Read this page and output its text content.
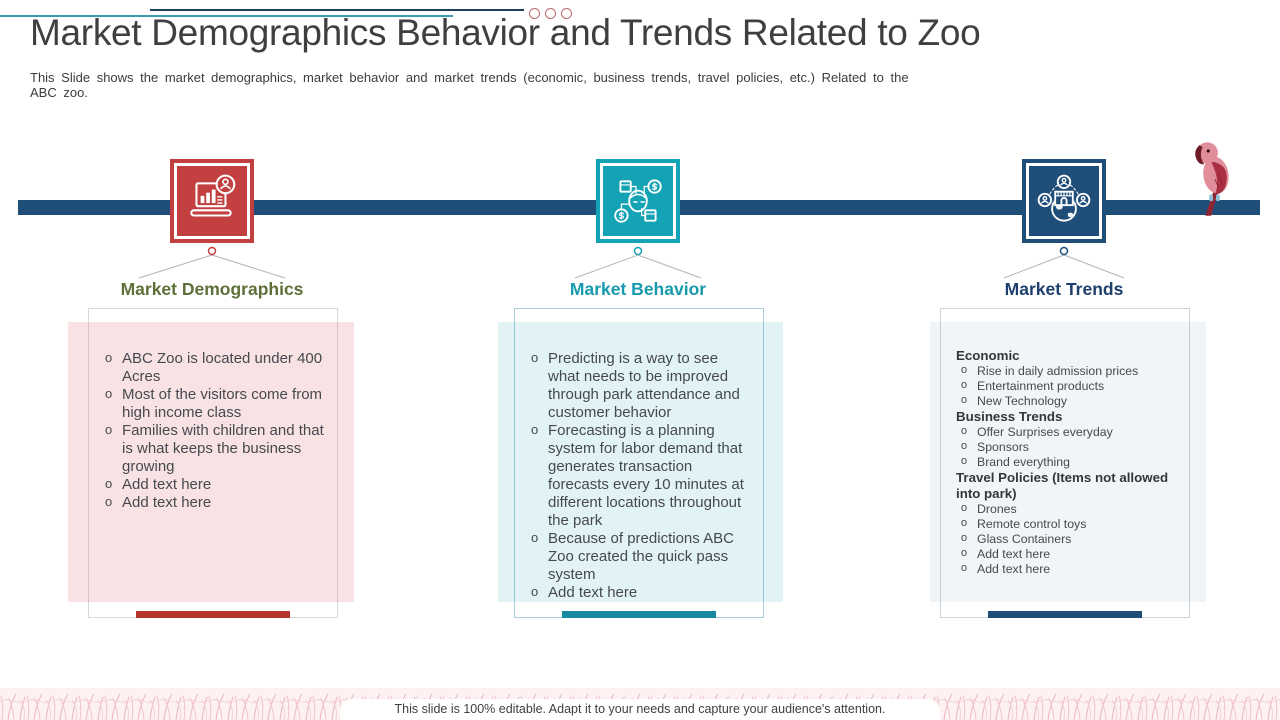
Market Demographics Behavior and Trends Related to Zoo

This Slide shows the market demographics, market behavior and market trends (economic, business trends, travel policies, etc.) Related to the ABC zoo.

Market Demographics
o ABC Zoo is located under 400 Acres
o Most of the visitors come from high income class
o Families with children and that is what keeps the business growing
o Add text here
o Add text here
Market Behavior
o Predicting is a way to see what needs to be improved through park attendance and customer behavior
o Forecasting is a planning system for labor demand that generates transaction forecasts every 10 minutes at different locations throughout the park
o Because of predictions ABC Zoo created the quick pass system
o Add text here
Market Trends
Economic
o Rise in daily admission prices
o Entertainment products
o New Technology
Business Trends
o Offer Surprises everyday
o Sponsors
o Brand everything
Travel Policies (Items not allowed into park)
o Drones
o Remote control toys
o Glass Containers
o Add text here
o Add text here
This slide is 100% editable. Adapt it to your needs and capture your audience's attention.
